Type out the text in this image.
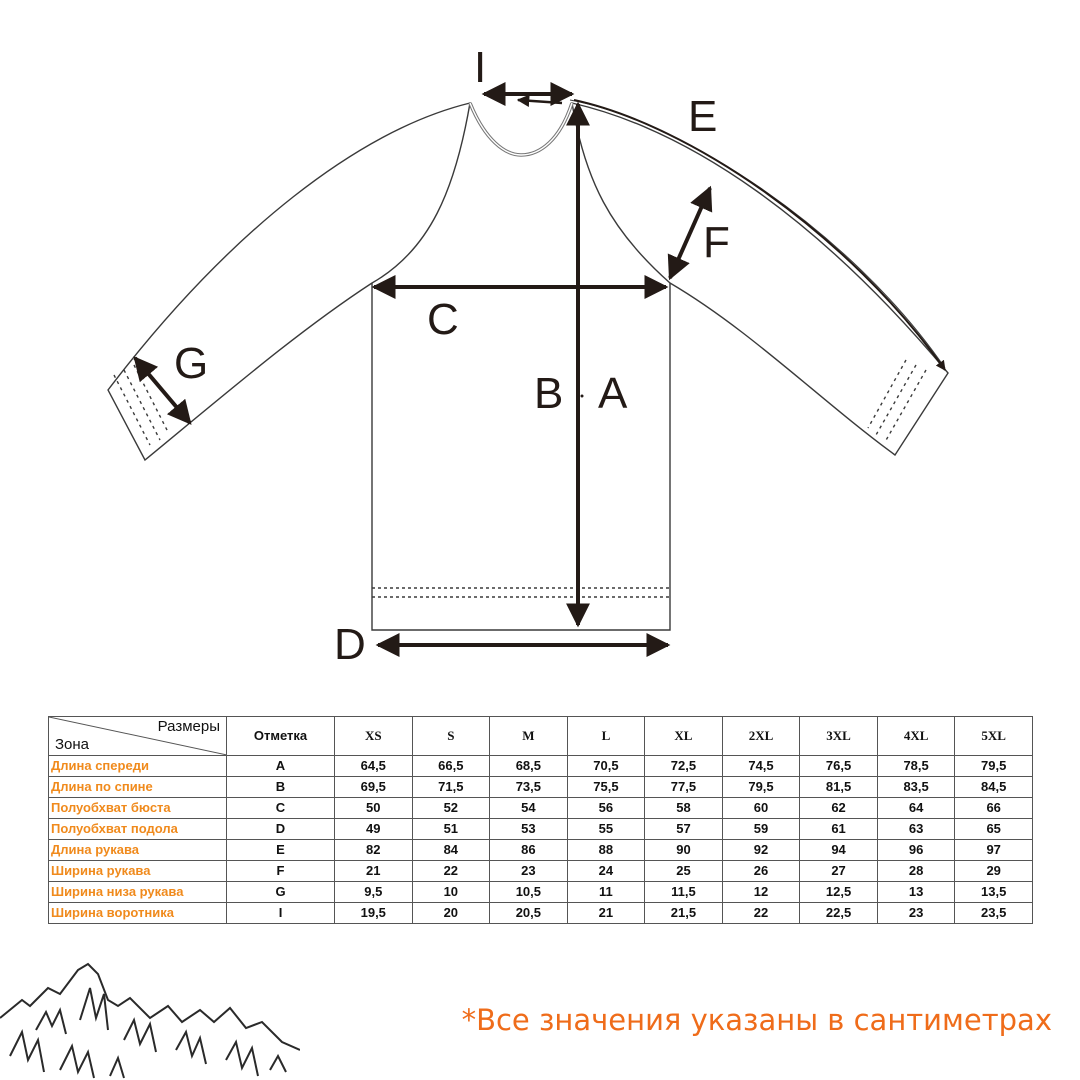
I
E
F
C
G
B A
D
Размеры
Зона	Отметка	XS	S	M	L	XL	2XL	3XL	4XL	5XL
Длина спереди	A	64,5	66,5	68,5	70,5	72,5	74,5	76,5	78,5	79,5
Длина по спине	B	69,5	71,5	73,5	75,5	77,5	79,5	81,5	83,5	84,5
Полуобхват бюста	C	50	52	54	56	58	60	62	64	66
Полуобхват подола	D	49	51	53	55	57	59	61	63	65
Длина рукава	E	82	84	86	88	90	92	94	96	97
Ширина рукава	F	21	22	23	24	25	26	27	28	29
Ширина низа рукава	G	9,5	10	10,5	11	11,5	12	12,5	13	13,5
Ширина воротника	I	19,5	20	20,5	21	21,5	22	22,5	23	23,5
*Все значения указаны в сантиметрах
